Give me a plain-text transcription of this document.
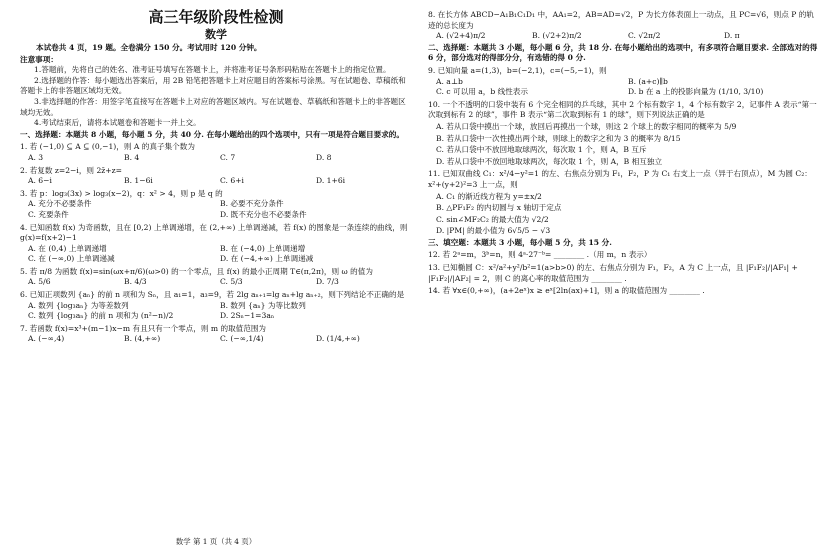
高三年级阶段性检测
数学
本试卷共 4 页，19 题。全卷满分 150 分。考试用时 120 分钟。
注意事项：

1.答题前，先将自己的姓名、准考证号填写在答题卡上，并将准考证号条形码粘贴在答题卡上的指定位置。

2.选择题的作答：每小题选出答案后，用 2B 铅笔把答题卡上对应题目的答案标号涂黑。写在试题卷、草稿纸和答题卡上的非答题区域均无效。

3.非选择题的作答：用签字笔直接写在答题卡上对应的答题区域内。写在试题卷、草稿纸和答题卡上的非答题区域均无效。

4.考试结束后，请将本试题卷和答题卡一并上交。

一、选择题：本题共 8 小题，每小题 5 分，共 40 分. 在每小题给出的四个选项中，只有一项是符合题目要求的。
1. 若 (−1,0) ⊆ A ⊆ (0,−1)，则 A 的真子集个数为
A. 3	B. 4	C. 7	D. 8
2. 若复数 z=2−i，则 2z̄+z=
A. 6−i	B. 1−6i	C. 6+i	D. 1+6i
3. 若 p：log₃(3x) > log₃(x−2)，q：x² > 4，则 p 是 q 的
A. 充分不必要条件	B. 必要不充分条件
C. 充要条件	D. 既不充分也不必要条件
4. 已知函数 f(x) 为奇函数，且在 [0,2) 上单调递增，在 (2,+∞) 上单调递减，若 f(x) 的图象是一条连续的曲线，则 g(x)=f(x+2)−1
A. 在 (0,4) 上单调递增	B. 在 (−4,0) 上单调递增
C. 在 (−∞,0) 上单调递减	D. 在 (−4,+∞) 上单调递减
5. 若 π/8 为函数 f(x)=sin(ωx+π/6)(ω>0) 的一个零点，且 f(x) 的最小正周期 T∈(π,2π)，则 ω 的值为
A. 5/6	B. 4/3	C. 5/3	D. 7/3
6. 已知正项数列 {aₙ} 的前 n 项和为 Sₙ，且 a₁=1，a₃=9，若 2lg aₙ₊₁=lg aₙ+lg aₙ₊₂，则下列结论不正确的是
A. 数列 {log₃aₙ} 为等差数列	B. 数列 {aₙ} 为等比数列
C. 数列 {log₃aₙ} 的前 n 项和为 (n²−n)/2	D. 2Sₙ−1=3aₙ
7. 若函数 f(x)=x³+(m−1)x−m 有且只有一个零点，则 m 的取值范围为
A. (−∞,4)	B. (4,+∞)	C. (−∞,1/4)	D. (1/4,+∞)
数学 第 1 页（共 4 页）
8. 在长方体 ABCD−A₁B₁C₁D₁ 中，AA₁=2，AB=AD=√2，P 为长方体表面上一动点，且 PC=√6，则点 P 的轨迹的总长度为
A. (√2+4)π/2	B. (√2+2)π/2	C. √2π/2	D. π
二、选择题：本题共 3 小题，每小题 6 分，共 18 分. 在每小题给出的选项中，有多项符合题目要求. 全部选对的得 6 分，部分选对的得部分分，有选错的得 0 分.
9. 已知向量 a=(1,3)，b=(−2,1)，c=(−5,−1)，则
A. a⊥b	B. (a+c)∥b
C. c 可以用 a，b 线性表示	D. b 在 a 上的投影向量为 (1/10, 3/10)
10. 一个不透明的口袋中装有 6 个完全相同的乒乓球，其中 2 个标有数字 1，4 个标有数字 2，记事件 A 表示“第一次取到标有 2 的球”，事件 B 表示“第二次取到标有 1 的球”，则下列说法正确的是
A. 若从口袋中摸出一个球，放回后再摸出一个球，则这 2 个球上的数字相同的概率为 5/9
B. 若从口袋中一次性摸出两个球，则球上的数字之和为 3 的概率为 8/15
C. 若从口袋中不放回地取球两次，每次取 1 个，则 A，B 互斥
D. 若从口袋中不放回地取球两次，每次取 1 个，则 A，B 相互独立
11. 已知双曲线 C₁：x²/4−y²=1 的左、右焦点分别为 F₁，F₂，P 为 C₁ 右支上一点（异于右顶点），M 为圆 C₂：x²+(y+2)²=3 上一点，则
A. C₁ 的渐近线方程为 y=±x/2
B. △PF₁F₂ 的内切圆与 x 轴切于定点
C. sin∠MF₂C₂ 的最大值为 √2/2
D. |PM| 的最小值为 6√5/5 − √3
三、填空题：本题共 3 小题，每小题 5 分，共 15 分.
12. 若 2ᵃ=m，3ᵇ=n，则 4ᵃ·27⁻ᵇ= ________ .（用 m，n 表示）
13. 已知椭圆 C：x²/a²+y²/b²=1(a>b>0) 的左、右焦点分别为 F₁，F₂，A 为 C 上一点，且 |F₁F₂|/|AF₁| + |F₁F₂|/|AF₂| = 2，则 C 的离心率的取值范围为 ________ .
14. 若 ∀x∈(0,+∞)，(a+2eˣ)x ≥ eˣ[2ln(ax)+1]，则 a 的取值范围为 ________ .
